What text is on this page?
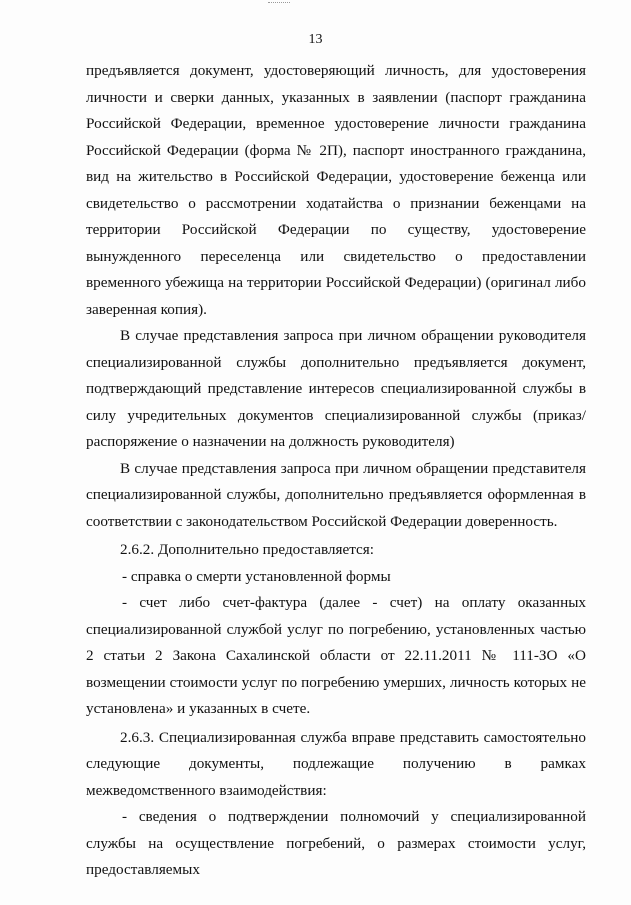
13

предъявляется документ, удостоверяющий личность, для удостоверения личности и сверки данных, указанных в заявлении (паспорт гражданина Российской Федерации, временное удостоверение личности гражданина Российской Федерации (форма № 2П), паспорт иностранного гражданина, вид на жительство в Российской Федерации, удостоверение беженца или свидетельство о рассмотрении ходатайства о признании беженцами на территории Российской Федерации по существу, удостоверение вынужденного переселенца или свидетельство о предоставлении временного убежища на территории Российской Федерации) (оригинал либо заверенная копия).

В случае представления запроса при личном обращении руководителя специализированной службы дополнительно предъявляется документ, подтверждающий представление интересов специализированной службы в силу учредительных документов специализированной службы (приказ/распоряжение о назначении на должность руководителя)

В случае представления запроса при личном обращении представителя специализированной службы, дополнительно предъявляется оформленная в соответствии с законодательством Российской Федерации доверенность.

2.6.2. Дополнительно предоставляется:

- справка о смерти установленной формы

- счет либо счет-фактура (далее - счет) на оплату оказанных специализированной службой услуг по погребению, установленных частью 2 статьи 2 Закона Сахалинской области от 22.11.2011 № 111-ЗО «О возмещении стоимости услуг по погребению умерших, личность которых не установлена» и указанных в счете.

2.6.3. Специализированная служба вправе представить самостоятельно следующие документы, подлежащие получению в рамках межведомственного взаимодействия:

- сведения о подтверждении полномочий у специализированной службы на осуществление погребений, о размерах стоимости услуг, предоставляемых
